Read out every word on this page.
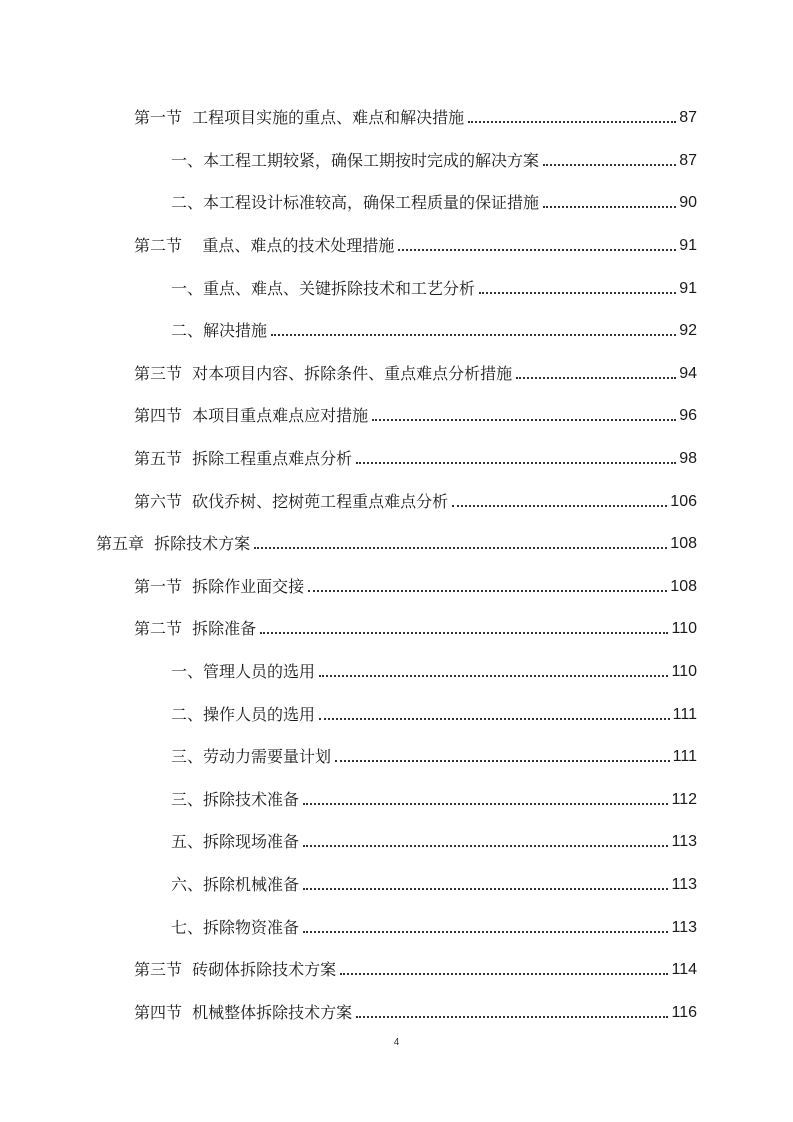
第一节  工程项目实施的重点、难点和解决措施	87
一、本工程工期较紧，确保工期按时完成的解决方案	87
二、本工程设计标准较高，确保工程质量的保证措施	90
第二节    重点、难点的技术处理措施	91
一、重点、难点、关键拆除技术和工艺分析	91
二、解决措施	92
第三节  对本项目内容、拆除条件、重点难点分析措施	94
第四节  本项目重点难点应对措施	96
第五节  拆除工程重点难点分析	98
第六节  砍伐乔树、挖树蔸工程重点难点分析	106
第五章  拆除技术方案	108
第一节  拆除作业面交接	108
第二节  拆除准备	110
一、管理人员的选用	110
二、操作人员的选用	111
三、劳动力需要量计划	111
三、拆除技术准备	112
五、拆除现场准备	113
六、拆除机械准备	113
七、拆除物资准备	113
第三节  砖砌体拆除技术方案	114
第四节  机械整体拆除技术方案	116
4
